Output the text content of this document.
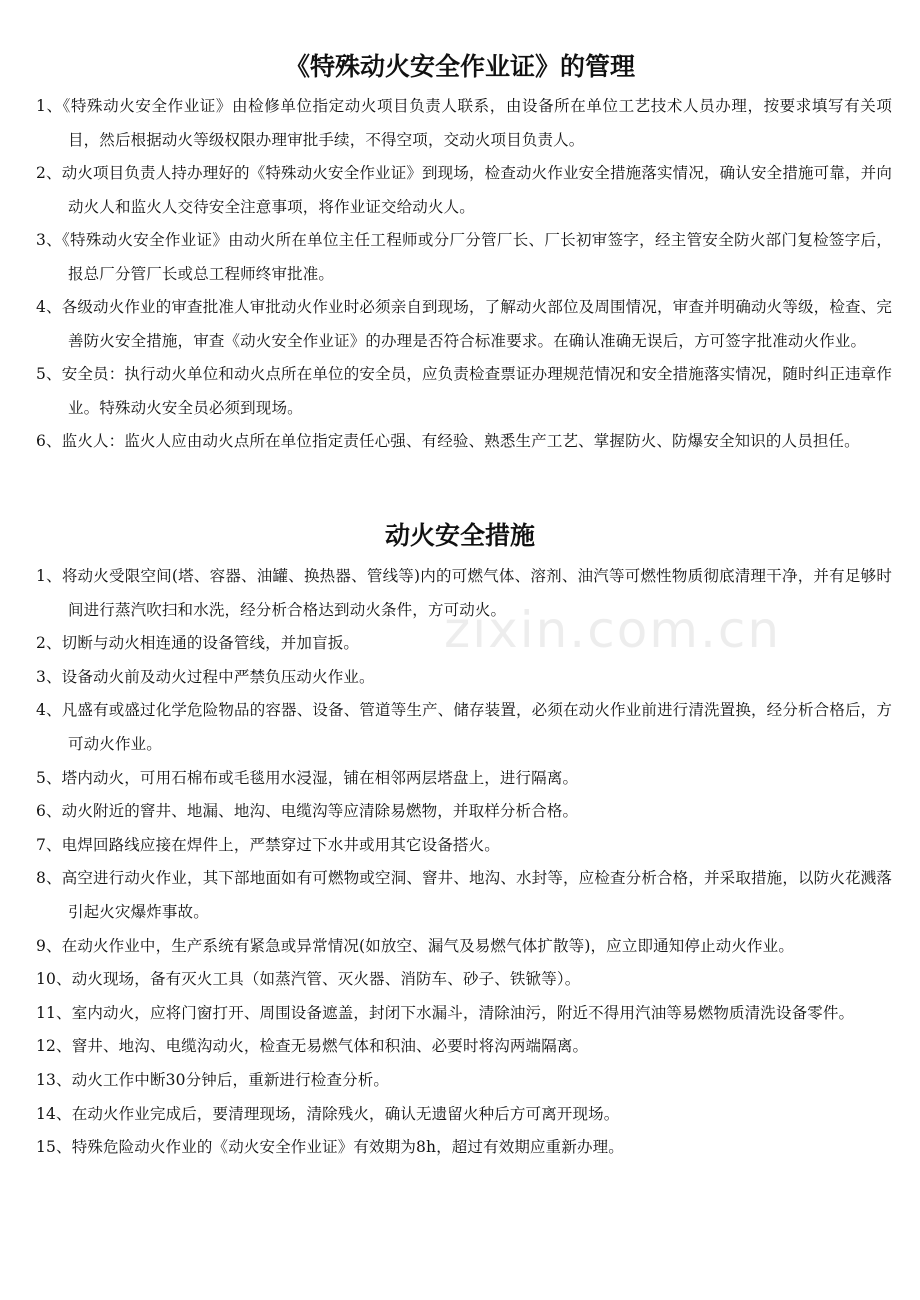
《特殊动火安全作业证》的管理
1、《特殊动火安全作业证》由检修单位指定动火项目负责人联系，由设备所在单位工艺技术人员办理，按要求填写有关项目，然后根据动火等级权限办理审批手续，不得空项，交动火项目负责人。
2、动火项目负责人持办理好的《特殊动火安全作业证》到现场，检查动火作业安全措施落实情况，确认安全措施可靠，并向动火人和监火人交待安全注意事项，将作业证交给动火人。
3、《特殊动火安全作业证》由动火所在单位主任工程师或分厂分管厂长、厂长初审签字，经主管安全防火部门复检签字后，报总厂分管厂长或总工程师终审批准。
4、各级动火作业的审查批准人审批动火作业时必须亲自到现场，了解动火部位及周围情况，审查并明确动火等级，检查、完善防火安全措施，审查《动火安全作业证》的办理是否符合标准要求。在确认准确无误后，方可签字批准动火作业。
5、安全员：执行动火单位和动火点所在单位的安全员，应负责检查票证办理规范情况和安全措施落实情况，随时纠正违章作业。特殊动火安全员必须到现场。
6、监火人：监火人应由动火点所在单位指定责任心强、有经验、熟悉生产工艺、掌握防火、防爆安全知识的人员担任。
动火安全措施
1、将动火受限空间(塔、容器、油罐、换热器、管线等)内的可燃气体、溶剂、油汽等可燃性物质彻底清理干净，并有足够时间进行蒸汽吹扫和水洗，经分析合格达到动火条件，方可动火。
2、切断与动火相连通的设备管线，并加盲扳。
3、设备动火前及动火过程中严禁负压动火作业。
4、凡盛有或盛过化学危险物品的容器、设备、管道等生产、储存装置，必须在动火作业前进行清洗置换，经分析合格后，方可动火作业。
5、塔内动火，可用石棉布或毛毯用水浸湿，铺在相邻两层塔盘上，进行隔离。
6、动火附近的窨井、地漏、地沟、电缆沟等应清除易燃物，并取样分析合格。
7、电焊回路线应接在焊件上，严禁穿过下水井或用其它设备搭火。
8、高空进行动火作业，其下部地面如有可燃物或空洞、窨井、地沟、水封等，应检查分析合格，并采取措施，以防火花溅落引起火灾爆炸事故。
9、在动火作业中，生产系统有紧急或异常情况(如放空、漏气及易燃气体扩散等)，应立即通知停止动火作业。
10、动火现场，备有灭火工具（如蒸汽管、灭火器、消防车、砂子、铁锨等）。
11、室内动火，应将门窗打开、周围设备遮盖，封闭下水漏斗，清除油污，附近不得用汽油等易燃物质清洗设备零件。
12、窨井、地沟、电缆沟动火，检查无易燃气体和积油、必要时将沟两端隔离。
13、动火工作中断30分钟后，重新进行检查分析。
14、在动火作业完成后，要清理现场，清除残火，确认无遗留火种后方可离开现场。
15、特殊危险动火作业的《动火安全作业证》有效期为8h，超过有效期应重新办理。
zixin.com.cn
